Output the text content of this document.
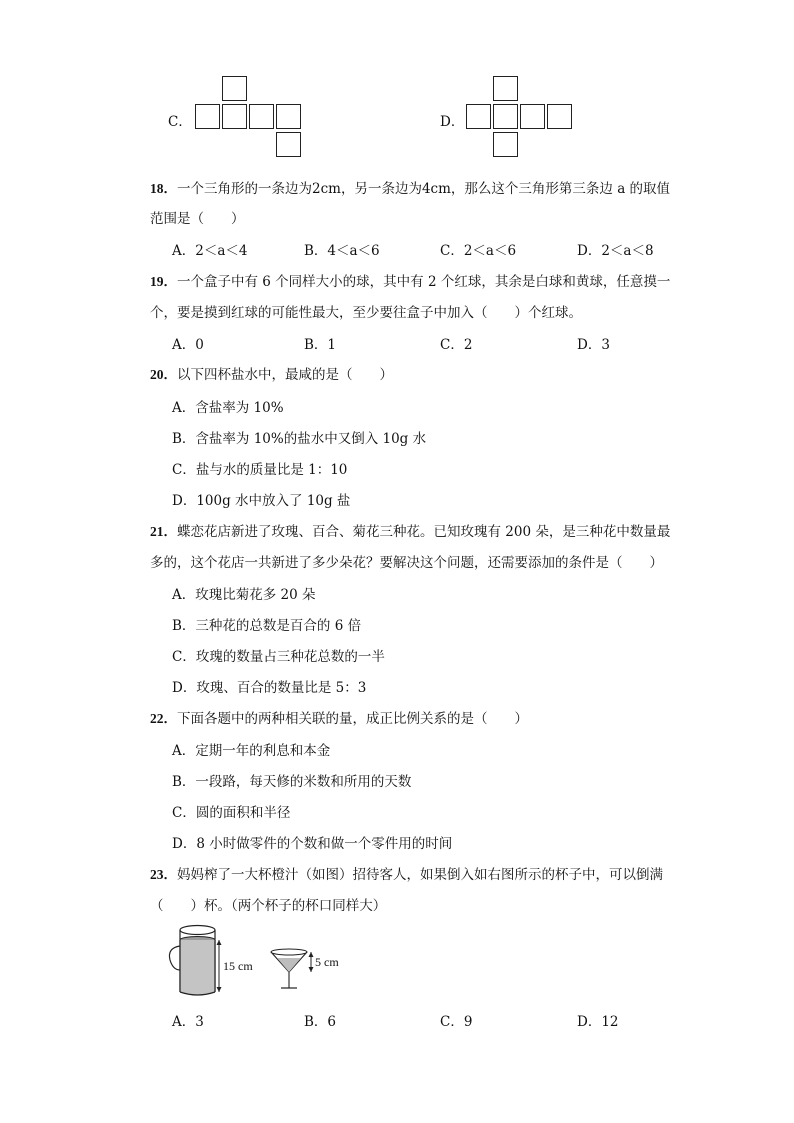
C．	D．
18．一个三角形的一条边为2cm，另一条边为4cm，那么这个三角形第三条边 a 的取值
范围是（　　）
A．2＜a＜4	B．4＜a＜6	C．2＜a＜6	D．2＜a＜8
19．一个盒子中有 6 个同样大小的球，其中有 2 个红球，其余是白球和黄球，任意摸一
个，要是摸到红球的可能性最大，至少要往盒子中加入（　　）个红球。
A．0	B．1	C．2	D．3
20．以下四杯盐水中，最咸的是（　　）
A．含盐率为 10%
B．含盐率为 10%的盐水中又倒入 10g 水
C．盐与水的质量比是 1：10
D．100g 水中放入了 10g 盐
21．蝶恋花店新进了玫瑰、百合、菊花三种花。已知玫瑰有 200 朵，是三种花中数量最
多的，这个花店一共新进了多少朵花？要解决这个问题，还需要添加的条件是（　　）
A．玫瑰比菊花多 20 朵
B．三种花的总数是百合的 6 倍
C．玫瑰的数量占三种花总数的一半
D．玫瑰、百合的数量比是 5：3
22．下面各题中的两种相关联的量，成正比例关系的是（　　）
A．定期一年的利息和本金
B．一段路，每天修的米数和所用的天数
C．圆的面积和半径
D．8 小时做零件的个数和做一个零件用的时间
23．妈妈榨了一大杯橙汁（如图）招待客人，如果倒入如右图所示的杯子中，可以倒满
（　　）杯。（两个杯子的杯口同样大）
15 cm	5 cm
A．3	B．6	C．9	D．12
